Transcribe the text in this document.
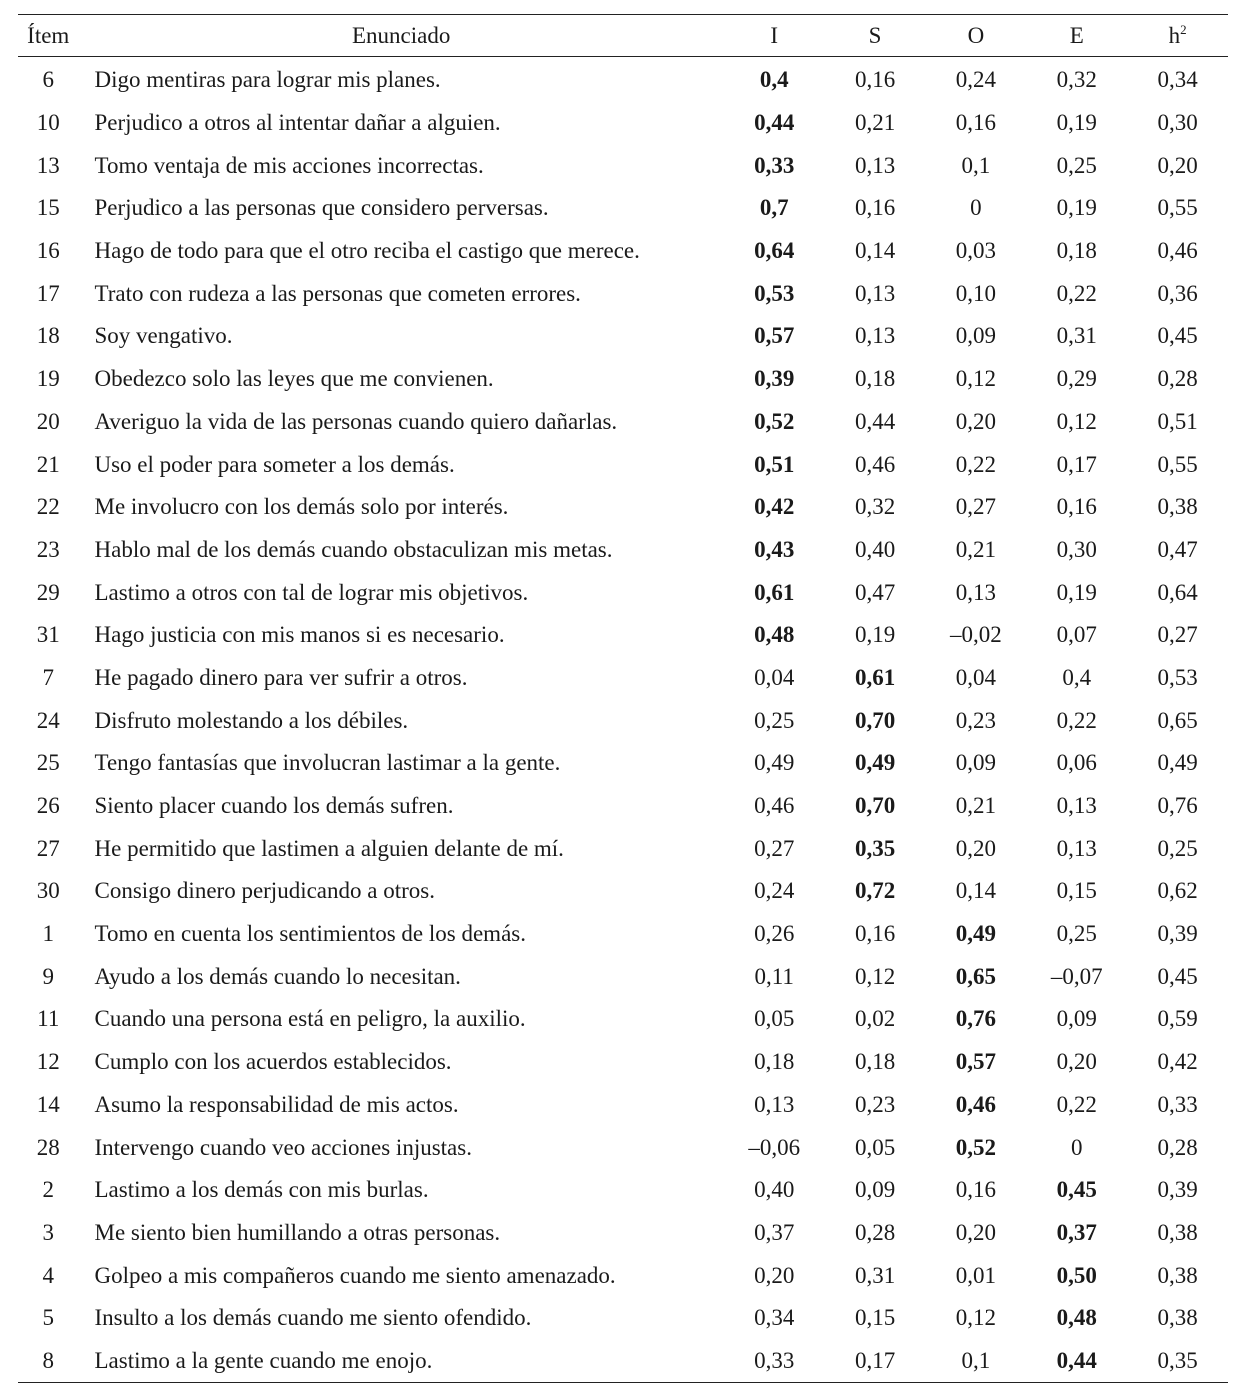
Ítem	Enunciado	I	S	O	E	$h^2$
6	Digo mentiras para lograr mis planes.	0,4	0,16	0,24	0,32	0,34
10	Perjudico a otros al intentar dañar a alguien.	0,44	0,21	0,16	0,19	0,30
13	Tomo ventaja de mis acciones incorrectas.	0,33	0,13	0,1	0,25	0,20
15	Perjudico a las personas que considero perversas.	0,7	0,16	0	0,19	0,55
16	Hago de todo para que el otro reciba el castigo que merece.	0,64	0,14	0,03	0,18	0,46
17	Trato con rudeza a las personas que cometen errores.	0,53	0,13	0,10	0,22	0,36
18	Soy vengativo.	0,57	0,13	0,09	0,31	0,45
19	Obedezco solo las leyes que me convienen.	0,39	0,18	0,12	0,29	0,28
20	Averiguo la vida de las personas cuando quiero dañarlas.	0,52	0,44	0,20	0,12	0,51
21	Uso el poder para someter a los demás.	0,51	0,46	0,22	0,17	0,55
22	Me involucro con los demás solo por interés.	0,42	0,32	0,27	0,16	0,38
23	Hablo mal de los demás cuando obstaculizan mis metas.	0,43	0,40	0,21	0,30	0,47
29	Lastimo a otros con tal de lograr mis objetivos.	0,61	0,47	0,13	0,19	0,64
31	Hago justicia con mis manos si es necesario.	0,48	0,19	–0,02	0,07	0,27
7	He pagado dinero para ver sufrir a otros.	0,04	0,61	0,04	0,4	0,53
24	Disfruto molestando a los débiles.	0,25	0,70	0,23	0,22	0,65
25	Tengo fantasías que involucran lastimar a la gente.	0,49	0,49	0,09	0,06	0,49
26	Siento placer cuando los demás sufren.	0,46	0,70	0,21	0,13	0,76
27	He permitido que lastimen a alguien delante de mí.	0,27	0,35	0,20	0,13	0,25
30	Consigo dinero perjudicando a otros.	0,24	0,72	0,14	0,15	0,62
1	Tomo en cuenta los sentimientos de los demás.	0,26	0,16	0,49	0,25	0,39
9	Ayudo a los demás cuando lo necesitan.	0,11	0,12	0,65	–0,07	0,45
11	Cuando una persona está en peligro, la auxilio.	0,05	0,02	0,76	0,09	0,59
12	Cumplo con los acuerdos establecidos.	0,18	0,18	0,57	0,20	0,42
14	Asumo la responsabilidad de mis actos.	0,13	0,23	0,46	0,22	0,33
28	Intervengo cuando veo acciones injustas.	–0,06	0,05	0,52	0	0,28
2	Lastimo a los demás con mis burlas.	0,40	0,09	0,16	0,45	0,39
3	Me siento bien humillando a otras personas.	0,37	0,28	0,20	0,37	0,38
4	Golpeo a mis compañeros cuando me siento amenazado.	0,20	0,31	0,01	0,50	0,38
5	Insulto a los demás cuando me siento ofendido.	0,34	0,15	0,12	0,48	0,38
8	Lastimo a la gente cuando me enojo.	0,33	0,17	0,1	0,44	0,35
